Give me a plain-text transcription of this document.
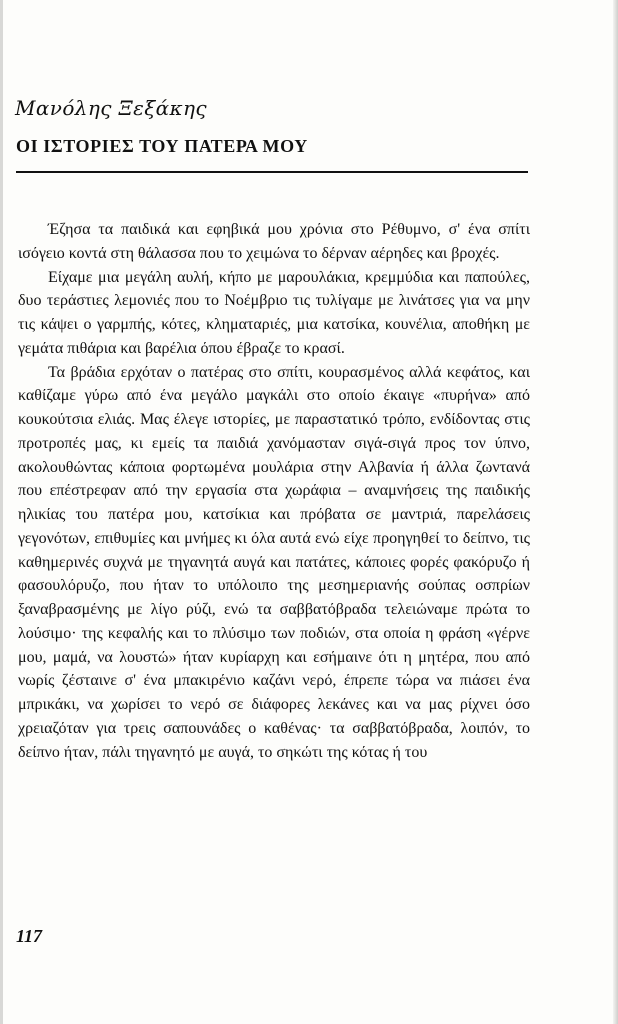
Μανόλης Ξεξάκης
ΟΙ ΙΣΤΟΡΙΕΣ ΤΟΥ ΠΑΤΕΡΑ ΜΟΥ

Έζησα τα παιδικά και εφηβικά μου χρόνια στο Ρέθυμνο, σ' ένα σπίτι ισόγειο κοντά στη θάλασσα που το χειμώνα το δέρναν αέρηδες και βροχές.

Είχαμε μια μεγάλη αυλή, κήπο με μαρουλάκια, κρεμμύδια και παπούλες, δυο τεράστιες λεμονιές που το Νοέμβριο τις τυλίγαμε με λινάτσες για να μην τις κάψει ο γαρμπής, κότες, κληματαριές, μια κατσίκα, κουνέλια, αποθήκη με γεμάτα πιθάρια και βαρέλια όπου έβραζε το κρασί.

Τα βράδια ερχόταν ο πατέρας στο σπίτι, κουρασμένος αλλά κεφάτος, και καθίζαμε γύρω από ένα μεγάλο μαγκάλι στο οποίο έκαιγε «πυρήνα» από κουκούτσια ελιάς. Μας έλεγε ιστορίες, με παραστατικό τρόπο, ενδίδοντας στις προτροπές μας, κι εμείς τα παιδιά χανόμασταν σιγά-σιγά προς τον ύπνο, ακολουθώντας κάποια φορτωμένα μουλάρια στην Αλβανία ή άλλα ζωντανά που επέστρεφαν από την εργασία στα χωράφια – αναμνήσεις της παιδικής ηλικίας του πατέρα μου, κατσίκια και πρόβατα σε μαντριά, παρελάσεις γεγονότων, επιθυμίες και μνήμες κι όλα αυτά ενώ είχε προηγηθεί το δείπνο, τις καθημερινές συχνά με τηγανητά αυγά και πατάτες, κάποιες φορές φακόρυζο ή φασουλόρυζο, που ήταν το υπόλοιπο της μεσημεριανής σούπας οσπρίων ξαναβρασμένης με λίγο ρύζι, ενώ τα σαββατόβραδα τελειώναμε πρώτα το λούσιμο· της κεφαλής και το πλύσιμο των ποδιών, στα οποία η φράση «γέρνε μου, μαμά, να λουστώ» ήταν κυρίαρχη και εσήμαινε ότι η μητέρα, που από νωρίς ζέσταινε σ' ένα μπακιρένιο καζάνι νερό, έπρεπε τώρα να πιάσει ένα μπρικάκι, να χωρίσει το νερό σε διάφορες λεκάνες και να μας ρίχνει όσο χρειαζόταν για τρεις σαπουνάδες ο καθένας· τα σαββατόβραδα, λοιπόν, το δείπνο ήταν, πάλι τηγανητό με αυγά, το σηκώτι της κότας ή του

117
